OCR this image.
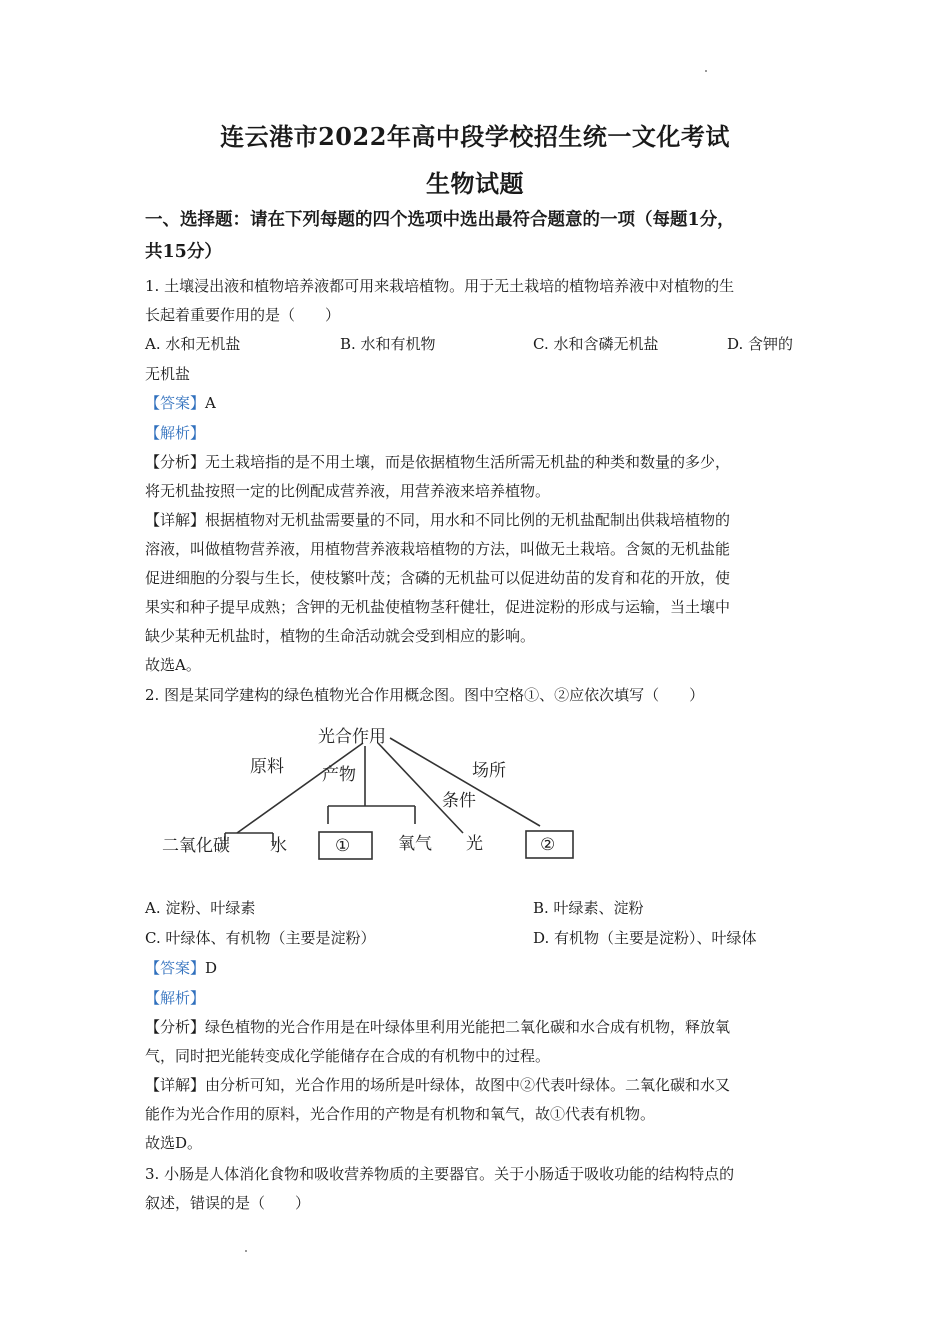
连云港市2022年高中段学校招生统一文化考试
生物试题
一、选择题：请在下列每题的四个选项中选出最符合题意的一项（每题1分，
共15分）
1. 土壤浸出液和植物培养液都可用来栽培植物。用于无土栽培的植物培养液中对植物的生
长起着重要作用的是（　　）
A. 水和无机盐	B. 水和有机物	C. 水和含磷无机盐	D. 含钾的
无机盐
【答案】A
【解析】
【分析】无土栽培指的是不用土壤，而是依据植物生活所需无机盐的种类和数量的多少，
将无机盐按照一定的比例配成营养液，用营养液来培养植物。
【详解】根据植物对无机盐需要量的不同，用水和不同比例的无机盐配制出供栽培植物的
溶液，叫做植物营养液，用植物营养液栽培植物的方法，叫做无土栽培。含氮的无机盐能
促进细胞的分裂与生长，使枝繁叶茂；含磷的无机盐可以促进幼苗的发育和花的开放，使
果实和种子提早成熟；含钾的无机盐使植物茎秆健壮，促进淀粉的形成与运输，当土壤中
缺少某种无机盐时，植物的生命活动就会受到相应的影响。
故选A。
2. 图是某同学建构的绿色植物光合作用概念图。图中空格①、②应依次填写（　　）
光合作用
原料 产物
条件
场所
二氧化碳 水	①	氧气 光	②
A. 淀粉、叶绿素	B. 叶绿素、淀粉
C. 叶绿体、有机物（主要是淀粉）	D. 有机物（主要是淀粉）、叶绿体
【答案】D
【解析】
【分析】绿色植物的光合作用是在叶绿体里利用光能把二氧化碳和水合成有机物，释放氧
气，同时把光能转变成化学能储存在合成的有机物中的过程。
【详解】由分析可知，光合作用的场所是叶绿体，故图中②代表叶绿体。二氧化碳和水又
能作为光合作用的原料，光合作用的产物是有机物和氧气，故①代表有机物。
故选D。
3. 小肠是人体消化食物和吸收营养物质的主要器官。关于小肠适于吸收功能的结构特点的
叙述，错误的是（　　）
